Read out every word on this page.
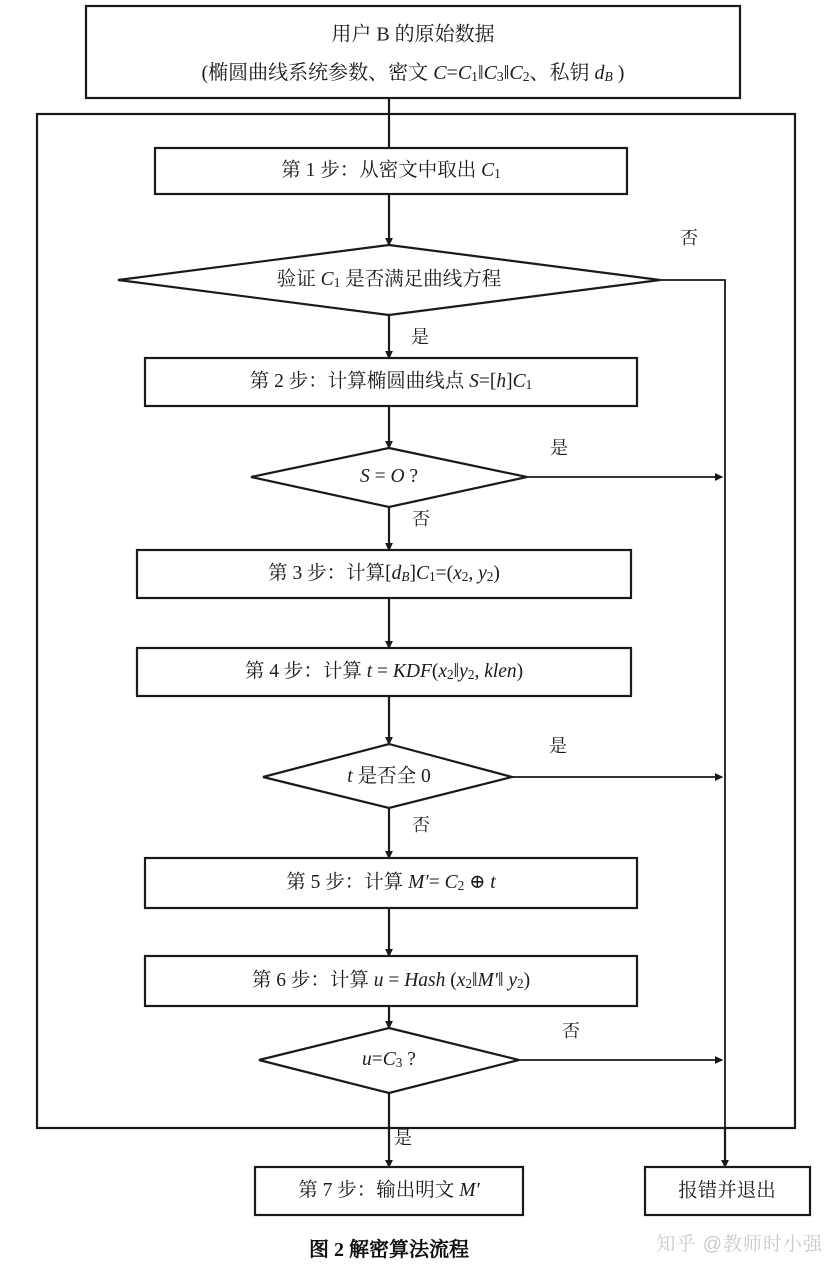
用户 B 的原始数据
(椭圆曲线系统参数、密文 C=C1‖C3‖C2、私钥 dB )
第 1 步：从密文中取出 C1
验证 C1 是否满足曲线方程
否
是
第 2 步：计算椭圆曲线点 S=[h]C1
S = O ?
是
否
第 3 步：计算[dB]C1=(x2, y2)
第 4 步：计算 t = KDF(x2‖y2, klen)
t 是否全 0
是
否
第 5 步：计算 M′= C2 ⊕ t
第 6 步：计算 u = Hash (x2‖M′‖ y2)
u=C3 ?
否
是
第 7 步：输出明文 M′	报错并退出
图 2 解密算法流程	知乎 @教师时小强
